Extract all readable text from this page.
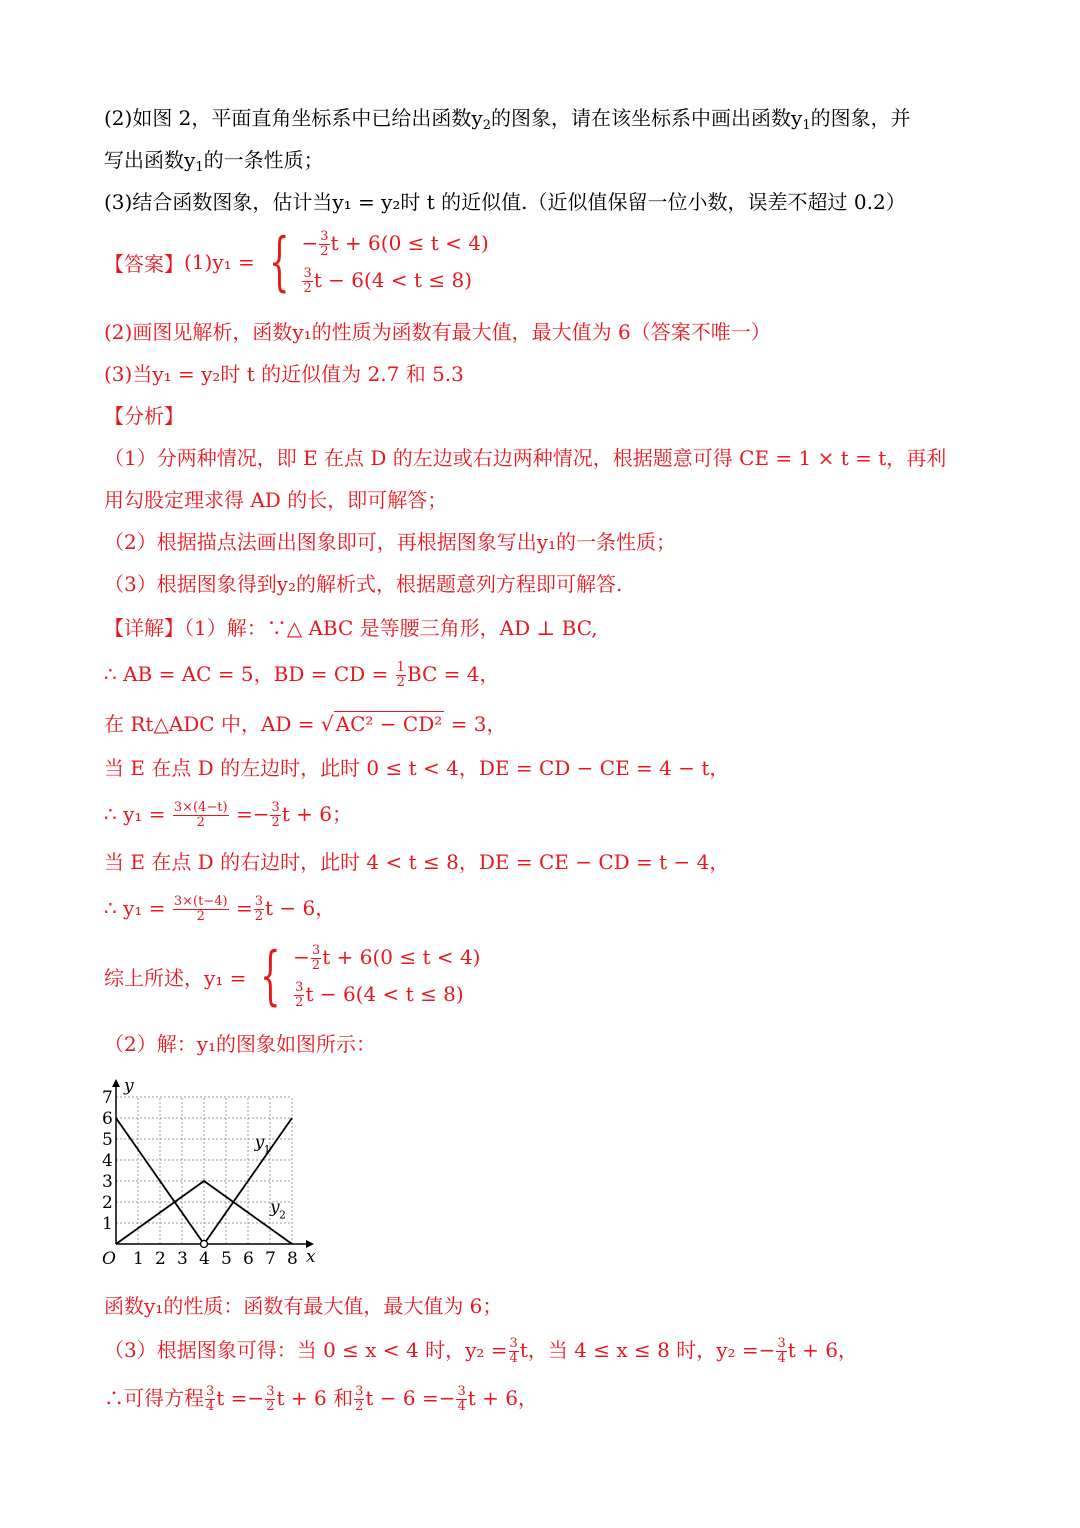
(2)如图 2，平面直角坐标系中已给出函数$y_2$的图象，请在该坐标系中画出函数$y_1$的图象，并
写出函数$y_1$的一条性质；
(3)结合函数图象，估计当y₁ = y₂时 t 的近似值.（近似值保留一位小数，误差不超过 0.2）
【答案】 (1)y₁ = { − $\frac{3}{2}$ t + 6(0 ≤ t < 4)
$\frac{3}{2}$ t − 6(4 < t ≤ 8)
(2)画图见解析，函数y₁的性质为函数有最大值，最大值为 6（答案不唯一）
(3)当y₁ = y₂时 t 的近似值为 2.7 和 5.3
【分析】
（1）分两种情况，即 E 在点 D 的左边或右边两种情况，根据题意可得 CE = 1 × t = t，再利
用勾股定理求得 AD 的长，即可解答；
（2）根据描点法画出图象即可，再根据图象写出y₁的一条性质；
（3）根据图象得到y₂的解析式，根据题意列方程即可解答.
【详解】（1）解：∵△ ABC 是等腰三角形，AD ⊥ BC,
∴ AB = AC = 5，BD = CD = $\frac{1}{2}$ BC = 4，
在 Rt△ADC 中，AD = √ AC² − CD² = 3，
当 E 在点 D 的左边时，此时 0 ≤ t < 4，DE = CD − CE = 4 − t，
∴ $y_1 = \frac{3\times(4-t)}{2} =- \frac{3}{2}$ t + 6；
当 E 在点 D 的右边时，此时 4 < t ≤ 8，DE = CE − CD = t − 4，
∴ $y_1 = \frac{3\times(t-4)}{2} = \frac{3}{2}$ t − 6，
综上所述，y₁ = { − $\frac{3}{2}$ t + 6(0 ≤ t < 4)
$\frac{3}{2}$ t − 6(4 < t ≤ 8)
（2）解：y₁的图象如图所示：
1 2 3 4 5 6 7 8
1
2
3
4
5
6
7
O	x
y
y 1
y 2
函数y₁的性质：函数有最大值，最大值为 6；
（3）根据图象可得：当 0 ≤ x < 4 时，$y_2 = \frac{3}{4}$ t，当 4 ≤ x ≤ 8 时，$y_2 =- \frac{3}{4}$ t + 6，
∴可得方程 $\frac{3}{4}$ $t =- \frac{3}{2}$ t + 6 和 $\frac{3}{2}$ $t - 6 =- \frac{3}{4}$ t + 6，
